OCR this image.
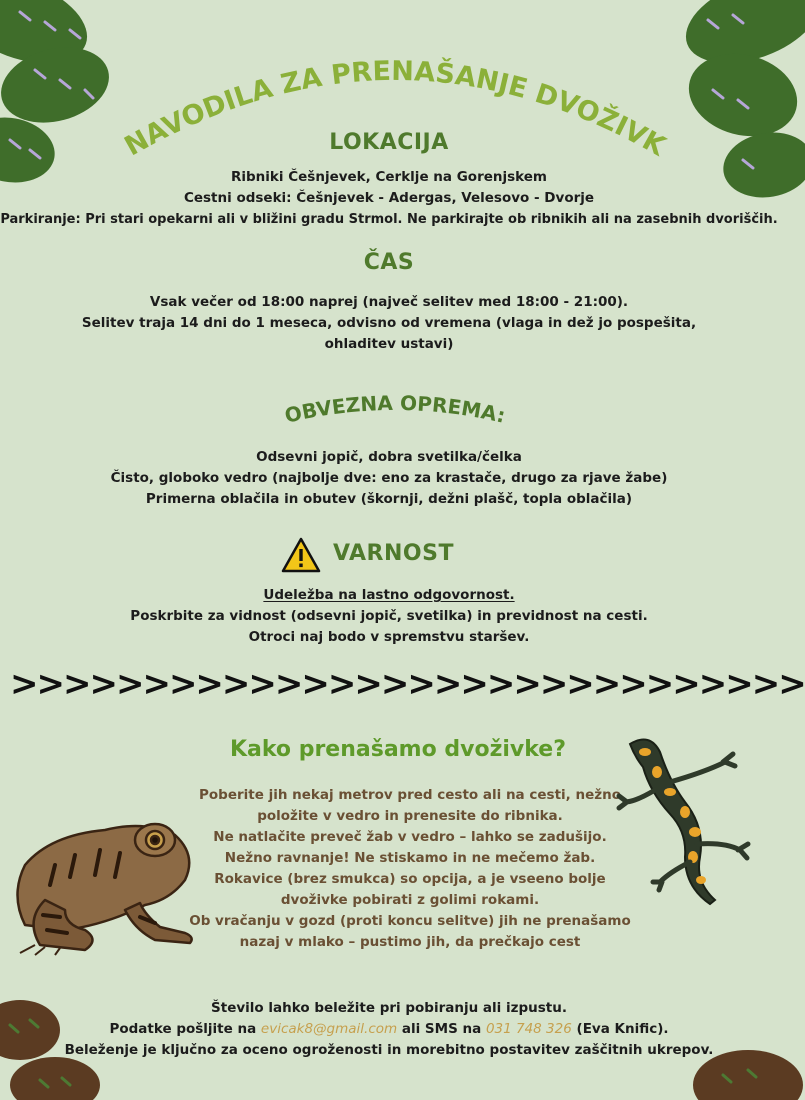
NAVODILA ZA PRENAŠANJE DVOŽIVK
LOKACIJA
Ribniki Češnjevek, Cerklje na Gorenjskem
Cestni odseki: Češnjevek - Adergas, Velesovo - Dvorje
Parkiranje: Pri stari opekarni ali v bližini gradu Strmol. Ne parkirajte ob ribnikih ali na zasebnih dvoriščih.
ČAS
Vsak večer od 18:00 naprej (največ selitev med 18:00 - 21:00).
Selitev traja 14 dni do 1 meseca, odvisno od vremena (vlaga in dež jo pospešita,
ohladitev ustavi)
OBVEZNA OPREMA:
Odsevni jopič, dobra svetilka/čelka
Čisto, globoko vedro (najbolje dve: eno za krastače, drugo za rjave žabe)
Primerna oblačila in obutev (škornji, dežni plašč, topla oblačila)
VARNOST
Udeležba na lastno odgovornost.
Poskrbite za vidnost (odsevni jopič, svetilka) in previdnost na cesti.
Otroci naj bodo v spremstvu staršev.
>>>>> >>>>> >>>>> >>>>> >>>>> >>>>>
Kako prenašamo dvoživke?
Poberite jih nekaj metrov pred cesto ali na cesti, nežno
položite v vedro in prenesite do ribnika.
Ne natlačite preveč žab v vedro – lahko se zadušijo.
Nežno ravnanje! Ne stiskamo in ne mečemo žab.
Rokavice (brez smukca) so opcija, a je vseeno bolje
dvoživke pobirati z golimi rokami.
Ob vračanju v gozd (proti koncu selitve) jih ne prenašamo
nazaj v mlako – pustimo jih, da prečkajo cest
Število lahko beležite pri pobiranju ali izpustu.
Podatke pošljite na evicak8@gmail.com ali SMS na 031 748 326 (Eva Knific).
Beleženje je ključno za oceno ogroženosti in morebitno postavitev zaščitnih ukrepov.
